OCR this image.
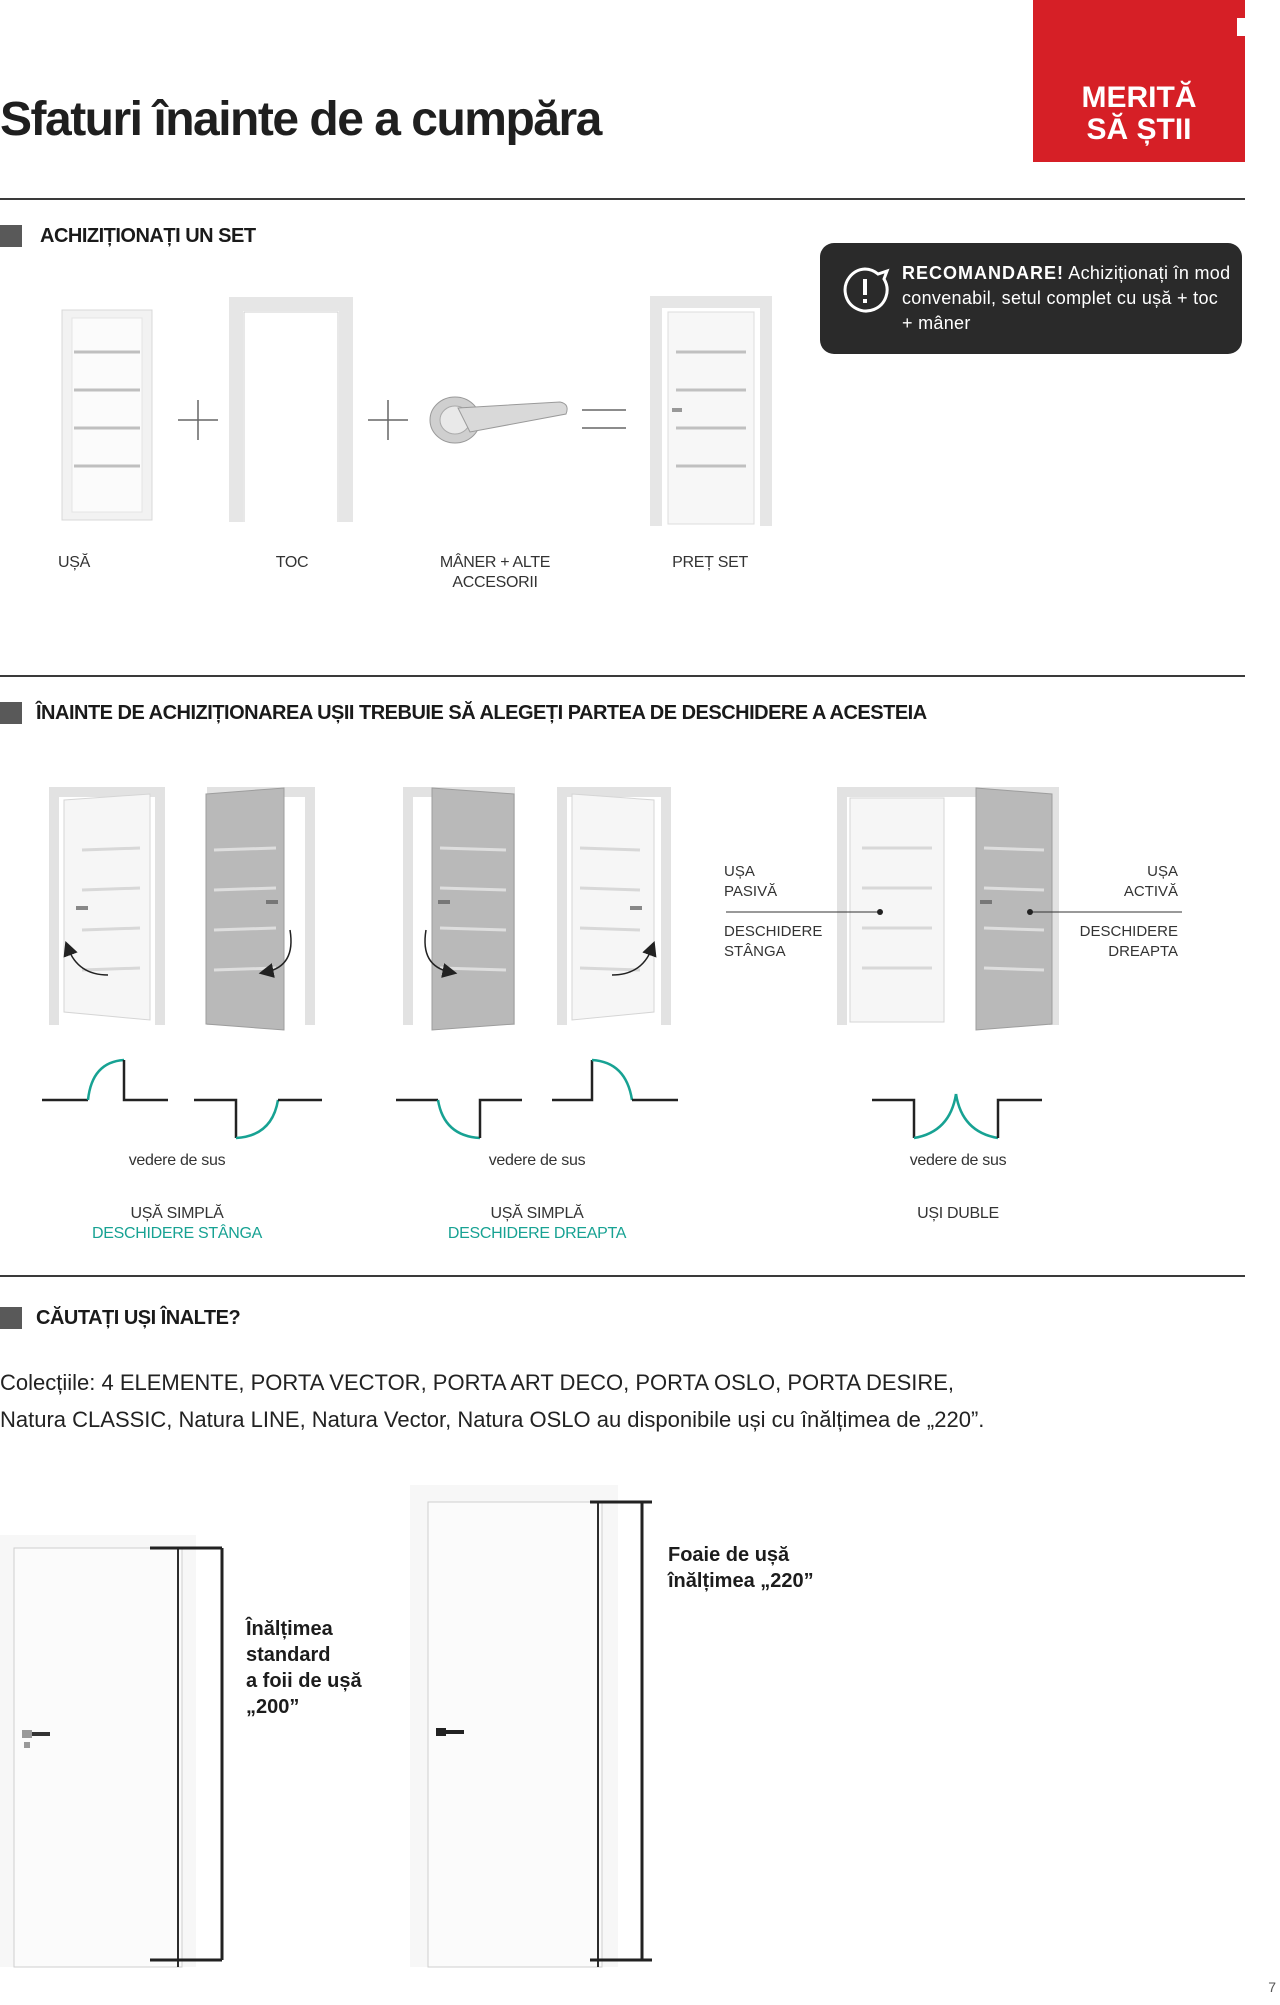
Sfaturi înainte de a cumpăra	MERITĂ
SĂ ȘTII
ACHIZIȚIONAȚI UN SET
RECOMANDARE! Achiziționați în mod convenabil, setul complet cu ușă + toc + mâner
UȘĂ	TOC	MÂNER + ALTE
ACCESORII
PREȚ SET
ÎNAINTE DE ACHIZIȚIONAREA UȘII TREBUIE SĂ ALEGEȚI PARTEA DE DESCHIDERE A ACESTEIA
UȘA
PASIVĂ
DESCHIDERE
STÂNGA
UȘA
ACTIVĂ
DESCHIDERE
DREAPTA
vedere de sus	vedere de sus	vedere de sus
UȘĂ SIMPLĂ
DESCHIDERE STÂNGA
UȘĂ SIMPLĂ
DESCHIDERE DREAPTA
UȘI DUBLE
CĂUTAȚI UȘI ÎNALTE?
Colecțiile: 4 ELEMENTE, PORTA VECTOR, PORTA ART DECO, PORTA OSLO, PORTA DESIRE,
Natura CLASSIC, Natura LINE, Natura Vector, Natura OSLO au disponibile uși cu înălțimea de „220”.
Înălțimea
standard
a foii de ușă
„200”
Foaie de ușă
înălțimea „220”
7
